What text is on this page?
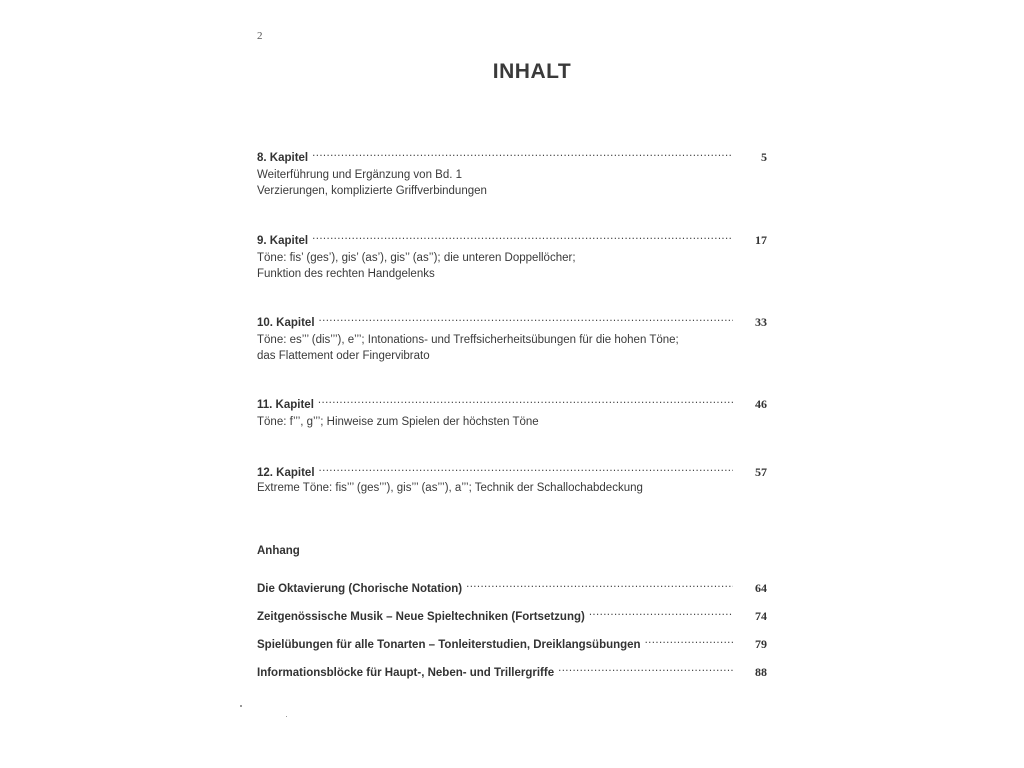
2
INHALT
8. Kapitel . . .	5
Weiterführung und Ergänzung von Bd. 1
Verzierungen, komplizierte Griffverbindungen
9. Kapitel . . .	17
Töne: fis’ (ges’), gis’ (as’), gis’’ (as’’); die unteren Doppellöcher;
Funktion des rechten Handgelenks
10. Kapitel . . .	33
Töne: es’’’ (dis’’’), e’’’; Intonations- und Treffsicherheitsübungen für die hohen Töne;
das Flattement oder Fingervibrato
11. Kapitel . . .	46
Töne: f’’’, g’’’; Hinweise zum Spielen der höchsten Töne
12. Kapitel . . .	57
Extreme Töne: fis’’’ (ges’’’), gis’’’ (as’’’), a’’’; Technik der Schallochabdeckung
Anhang
Die Oktavierung (Chorische Notation) . . .	64
Zeitgenössische Musik – Neue Spieltechniken (Fortsetzung) . . .	74
Spielübungen für alle Tonarten – Tonleiterstudien, Dreiklangsübungen . . .	79
Informationsblöcke für Haupt-, Neben- und Trillergriffe . . .	88
